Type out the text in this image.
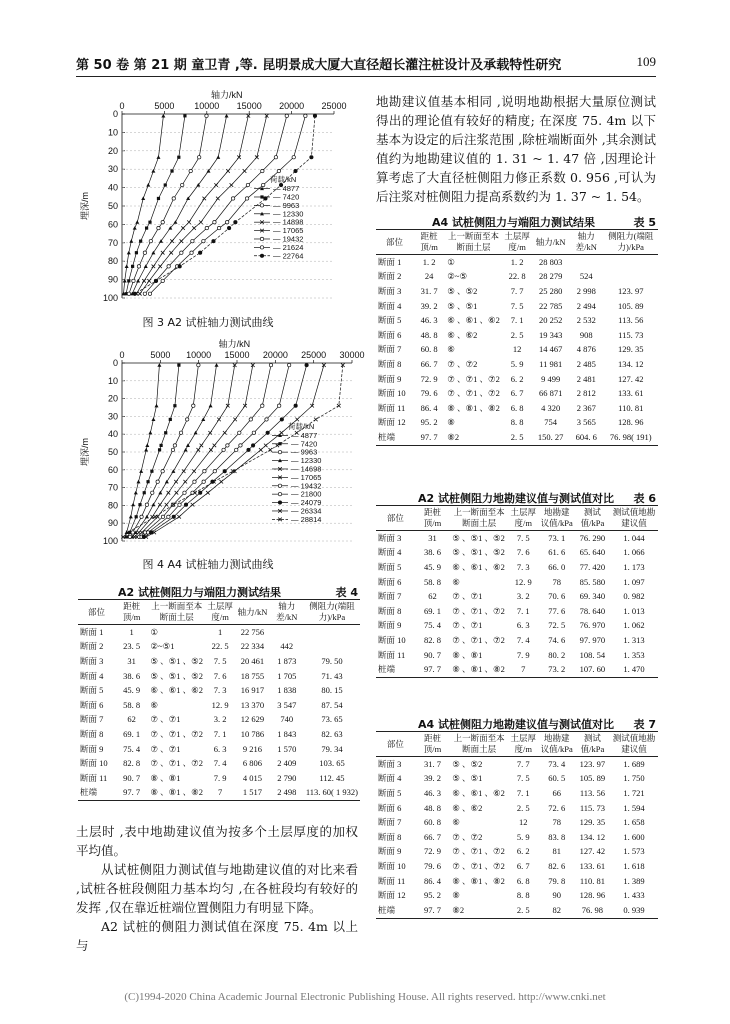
第 50 卷 第 21 期 童卫青 ,等. 昆明景成大厦大直径超长灌注桩设计及承载特性研究	109
轴力/kN
0	5000 10000 15000 20000 25000
0
10
20
30
40
50
60
70
80
90
100
埋深/m
荷载/kN
— 4877
— 7420
— 9963
— 12330
— 14898
— 17065
— 19432
— 21624
— 22764
图 3 A2 试桩轴力测试曲线
轴力/kN
0	5000 10000 15000 20000 25000 30000
0
10
20
30
40
50
60
70
80
90
100
埋深/m
荷载/kN
— 4877
— 7420
— 9963
— 12330
— 14698
— 17065
— 19432
— 21800
— 24079
— 26334
— 28814
图 4 A4 试桩轴力测试曲线
A2 试桩侧阻力与端阻力测试结果	表 4
部位	距桩顶/m	上一断面至本断面土层	土层厚度/m	轴力/kN	轴力差/kN	侧阻力(端阻力)/kPa
断面 1	1	①	1	22 756		
断面 2	23. 5	②~⑤1	22. 5	22 334	442	
断面 3	31	⑤ 、⑤1 、⑤2	7. 5	20 461	1 873	79. 50
断面 4	38. 6	⑤ 、⑤1 、⑤2	7. 6	18 755	1 705	71. 43
断面 5	45. 9	⑥ 、⑥1 、⑥2	7. 3	16 917	1 838	80. 15
断面 6	58. 8	⑥	12. 9	13 370	3 547	87. 54
断面 7	62	⑦ 、⑦1	3. 2	12 629	740	73. 65
断面 8	69. 1	⑦ 、⑦1 、⑦2	7. 1	10 786	1 843	82. 63
断面 9	75. 4	⑦ 、⑦1	6. 3	9 216	1 570	79. 34
断面 10	82. 8	⑦ 、⑦1 、⑦2	7. 4	6 806	2 409	103. 65
断面 11	90. 7	⑧ 、⑧1	7. 9	4 015	2 790	112. 45
桩端	97. 7	⑧ 、⑧1 、⑧2	7	1 517	2 498	113. 60( 1 932)

土层时 ,表中地勘建议值为按多个土层厚度的加权平均值。

从试桩侧阻力测试值与地勘建议值的对比来看 ,试桩各桩段侧阻力基本均匀 ,在各桩段均有较好的发挥 ,仅在靠近桩端位置侧阻力有明显下降。

A2 试桩的侧阻力测试值在深度 75. 4m 以上与

地勘建议值基本相同 ,说明地勘根据大量原位测试得出的理论值有较好的精度; 在深度 75. 4m 以下基本为设定的后注浆范围 ,除桩端断面外 ,其余测试值约为地勘建议值的 1. 31 ~ 1. 47 倍 ,因理论计算考虑了大直径桩侧阻力修正系数 0. 956 ,可认为后注浆对桩侧阻力提高系数约为 1. 37 ~ 1. 54。

A4 试桩侧阻力与端阻力测试结果	表 5
部位	距桩顶/m	上一断面至本断面土层	土层厚度/m	轴力/kN	轴力差/kN	侧阻力(端阻力)/kPa
断面 1	1. 2	①	1. 2	28 803		
断面 2	24	②~⑤	22. 8	28 279	524	
断面 3	31. 7	⑤ 、⑤2	7. 7	25 280	2 998	123. 97
断面 4	39. 2	⑤ 、⑤1	7. 5	22 785	2 494	105. 89
断面 5	46. 3	⑥ 、⑥1 、⑥2	7. 1	20 252	2 532	113. 56
断面 6	48. 8	⑥ 、⑥2	2. 5	19 343	908	115. 73
断面 7	60. 8	⑥	12	14 467	4 876	129. 35
断面 8	66. 7	⑦ 、⑦2	5. 9	11 981	2 485	134. 12
断面 9	72. 9	⑦ 、⑦1 、⑦2	6. 2	9 499	2 481	127. 42
断面 10	79. 6	⑦ 、⑦1 、⑦2	6. 7	66 871	2 812	133. 61
断面 11	86. 4	⑧ 、⑧1 、⑧2	6. 8	4 320	2 367	110. 81
断面 12	95. 2	⑧	8. 8	754	3 565	128. 96
桩端	97. 7	⑧2	2. 5	150. 27	604. 6	76. 98( 191)
A2 试桩侧阻力地勘建议值与测试值对比 表 6
部位	距桩顶/m	上一断面至本断面土层	土层厚度/m	地勘建议值/kPa	测试值/kPa	测试值地勘建议值
断面 3	31	⑤ 、⑤1 、⑤2	7. 5	73. 1	76. 290	1. 044
断面 4	38. 6	⑤ 、⑤1 、⑤2	7. 6	61. 6	65. 640	1. 066
断面 5	45. 9	⑥ 、⑥1 、⑥2	7. 3	66. 0	77. 420	1. 173
断面 6	58. 8	⑥	12. 9	78	85. 580	1. 097
断面 7	62	⑦ 、⑦1	3. 2	70. 6	69. 340	0. 982
断面 8	69. 1	⑦ 、⑦1 、⑦2	7. 1	77. 6	78. 640	1. 013
断面 9	75. 4	⑦ 、⑦1	6. 3	72. 5	76. 970	1. 062
断面 10	82. 8	⑦ 、⑦1 、⑦2	7. 4	74. 6	97. 970	1. 313
断面 11	90. 7	⑧ 、⑧1	7. 9	80. 2	108. 54	1. 353
桩端	97. 7	⑧ 、⑧1 、⑧2	7	73. 2	107. 60	1. 470
A4 试桩侧阻力地勘建议值与测试值对比 表 7
部位	距桩顶/m	上一断面至本断面土层	土层厚度/m	地勘建议值/kPa	测试值/kPa	测试值地勘建议值
断面 3	31. 7	⑤ 、⑤2	7. 7	73. 4	123. 97	1. 689
断面 4	39. 2	⑤ 、⑤1	7. 5	60. 5	105. 89	1. 750
断面 5	46. 3	⑥ 、⑥1 、⑥2	7. 1	66	113. 56	1. 721
断面 6	48. 8	⑥ 、⑥2	2. 5	72. 6	115. 73	1. 594
断面 7	60. 8	⑥	12	78	129. 35	1. 658
断面 8	66. 7	⑦ 、⑦2	5. 9	83. 8	134. 12	1. 600
断面 9	72. 9	⑦ 、⑦1 、⑦2	6. 2	81	127. 42	1. 573
断面 10	79. 6	⑦ 、⑦1 、⑦2	6. 7	82. 6	133. 61	1. 618
断面 11	86. 4	⑧ 、⑧1 、⑧2	6. 8	79. 8	110. 81	1. 389
断面 12	95. 2	⑧	8. 8	90	128. 96	1. 433
桩端	97. 7	⑧2	2. 5	82	76. 98	0. 939
(C)1994-2020 China Academic Journal Electronic Publishing House. All rights reserved. http://www.cnki.net
